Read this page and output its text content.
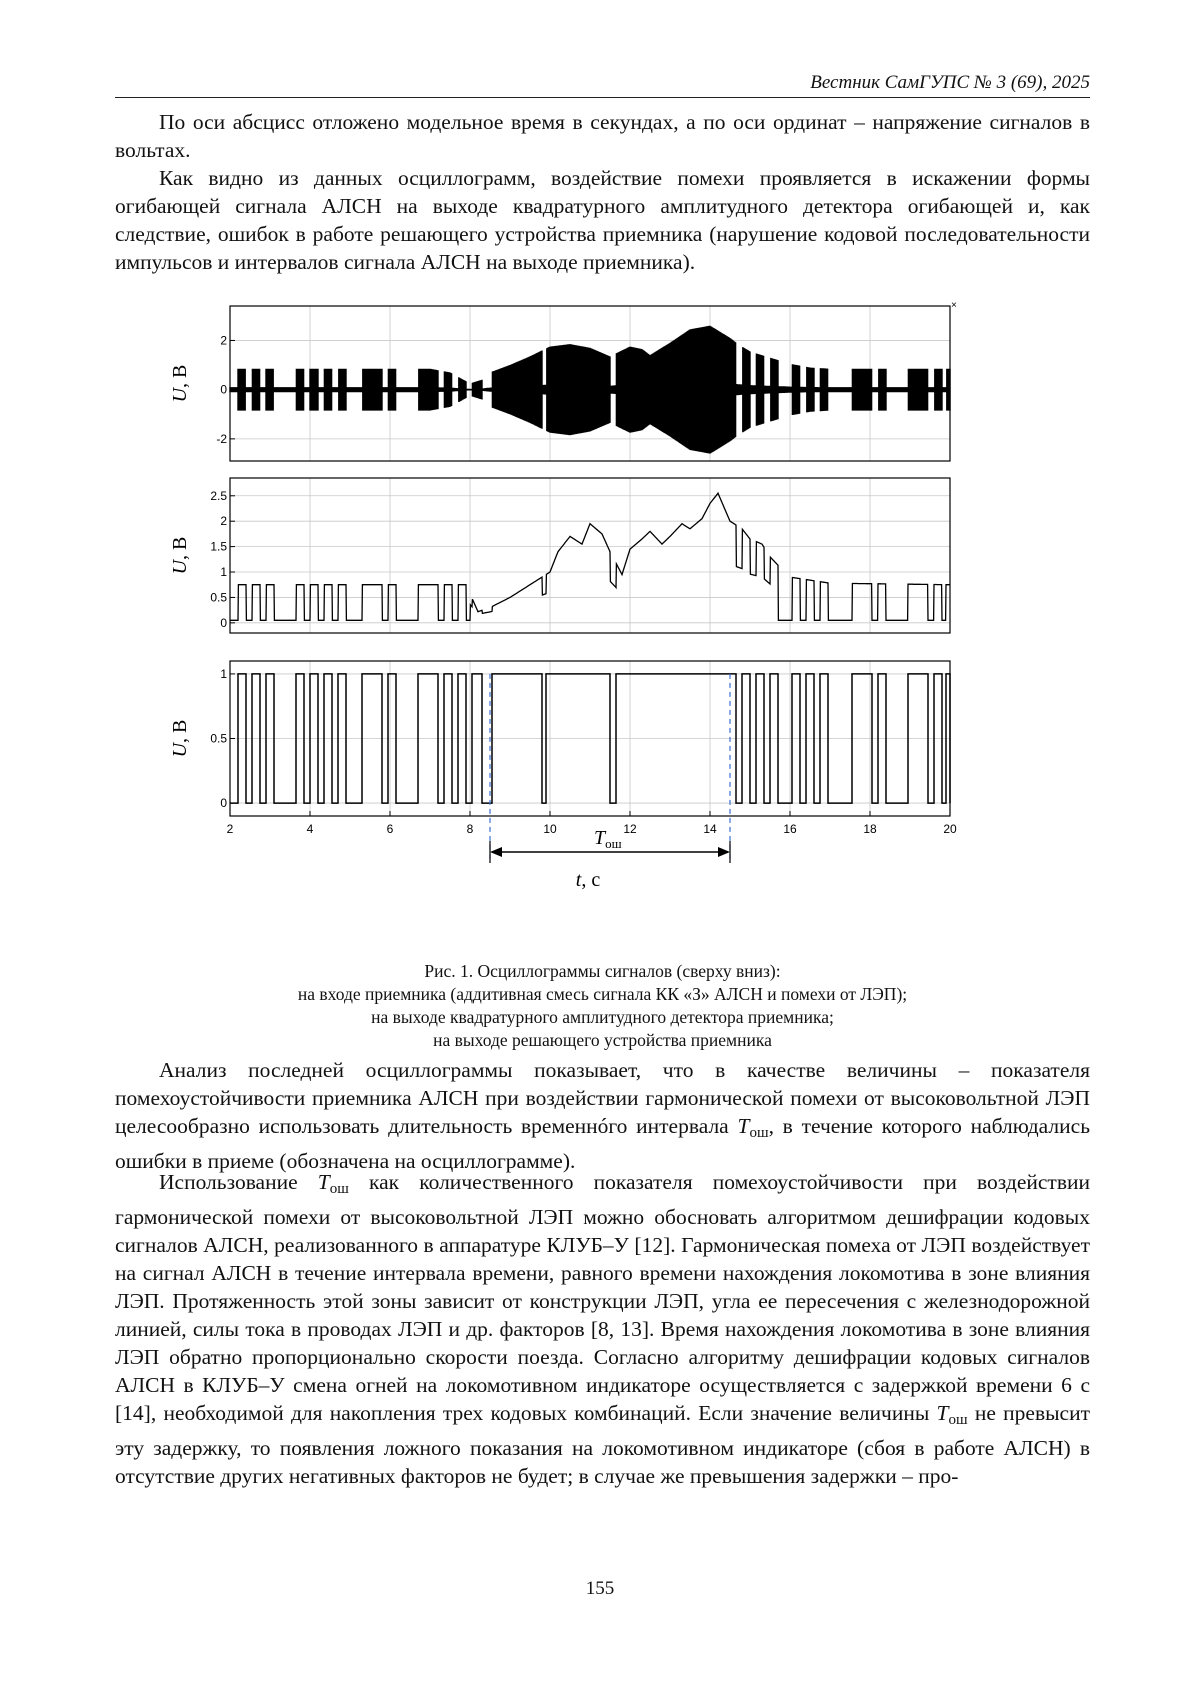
Вестник СамГУПС № 3 (69), 2025

По оси абсцисс отложено модельное время в секундах, а по оси ординат – напряжение сигналов в вольтах.

Как видно из данных осциллограмм, воздействие помехи проявляется в искажении формы огибающей сигнала АЛСН на выходе квадратурного амплитудного детектора огибающей и, как следствие, ошибок в работе решающего устройства приемника (нарушение кодовой последовательности импульсов и интервалов сигнала АЛСН на выходе приемника).

-2
0
2
U, В
×
0
0.5
1
1.5
2
2.5
U, В
0
0.5
1
U, В
2	4	6	8	10	12	14	16	18	20
$T_{ош}$
t, с
Рис. 1. Осциллограммы сигналов (сверху вниз):
на входе приемника (аддитивная смесь сигнала КК «З» АЛСН и помехи от ЛЭП);
на выходе квадратурного амплитудного детектора приемника;
на выходе решающего устройства приемника

Анализ последней осциллограммы показывает, что в качестве величины – показателя помехоустойчивости приемника АЛСН при воздействии гармонической помехи от высоковольтной ЛЭП целесообразно использовать длительность временнóго интервала $T_{ош}$, в течение которого наблюдались ошибки в приеме (обозначена на осциллограмме).

Использование $T_{ош}$ как количественного показателя помехоустойчивости при воздействии гармонической помехи от высоковольтной ЛЭП можно обосновать алгоритмом дешифрации кодовых сигналов АЛСН, реализованного в аппаратуре КЛУБ–У [12]. Гармоническая помеха от ЛЭП воздействует на сигнал АЛСН в течение интервала времени, равного времени нахождения локомотива в зоне влияния ЛЭП. Протяженность этой зоны зависит от конструкции ЛЭП, угла ее пересечения с железнодорожной линией, силы тока в проводах ЛЭП и др. факторов [8, 13]. Время нахождения локомотива в зоне влияния ЛЭП обратно пропорционально скорости поезда. Согласно алгоритму дешифрации кодовых сигналов АЛСН в КЛУБ–У смена огней на локомотивном индикаторе осуществляется с задержкой времени 6 с [14], необходимой для накопления трех кодовых комбинаций. Если значение величины $T_{ош}$ не превысит эту задержку, то появления ложного показания на локомотивном индикаторе (сбоя в работе АЛСН) в отсутствие других негативных факторов не будет; в случае же превышения задержки – про-

155
